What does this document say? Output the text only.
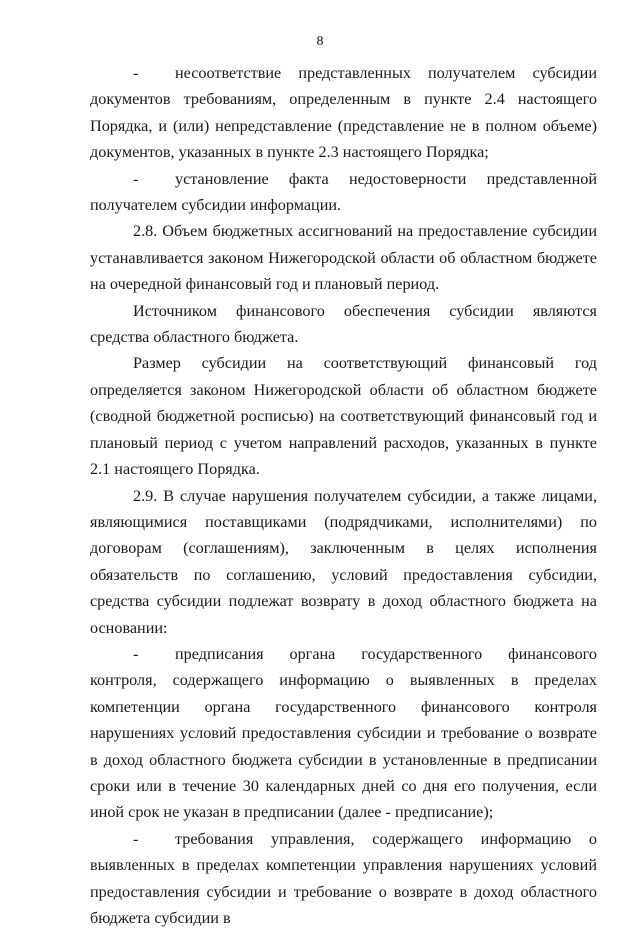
8

- несоответствие представленных получателем субсидии документов требованиям, определенным в пункте 2.4 настоящего Порядка, и (или) непредставление (представление не в полном объеме) документов, указанных в пункте 2.3 настоящего Порядка;

- установление факта недостоверности представленной получателем субсидии информации.

2.8. Объем бюджетных ассигнований на предоставление субсидии устанавливается законом Нижегородской области об областном бюджете на очередной финансовый год и плановый период.

Источником финансового обеспечения субсидии являются средства областного бюджета.

Размер субсидии на соответствующий финансовый год определяется законом Нижегородской области об областном бюджете (сводной бюджетной росписью) на соответствующий финансовый год и плановый период с учетом направлений расходов, указанных в пункте 2.1 настоящего Порядка.

2.9. В случае нарушения получателем субсидии, а также лицами, являющимися поставщиками (подрядчиками, исполнителями) по договорам (соглашениям), заключенным в целях исполнения обязательств по соглашению, условий предоставления субсидии, средства субсидии подлежат возврату в доход областного бюджета на основании:

- предписания органа государственного финансового контроля, содержащего информацию о выявленных в пределах компетенции органа государственного финансового контроля нарушениях условий предоставления субсидии и требование о возврате в доход областного бюджета субсидии в установленные в предписании сроки или в течение 30 календарных дней со дня его получения, если иной срок не указан в предписании (далее - предписание);

- требования управления, содержащего информацию о выявленных в пределах компетенции управления нарушениях условий предоставления субсидии и требование о возврате в доход областного бюджета субсидии в
